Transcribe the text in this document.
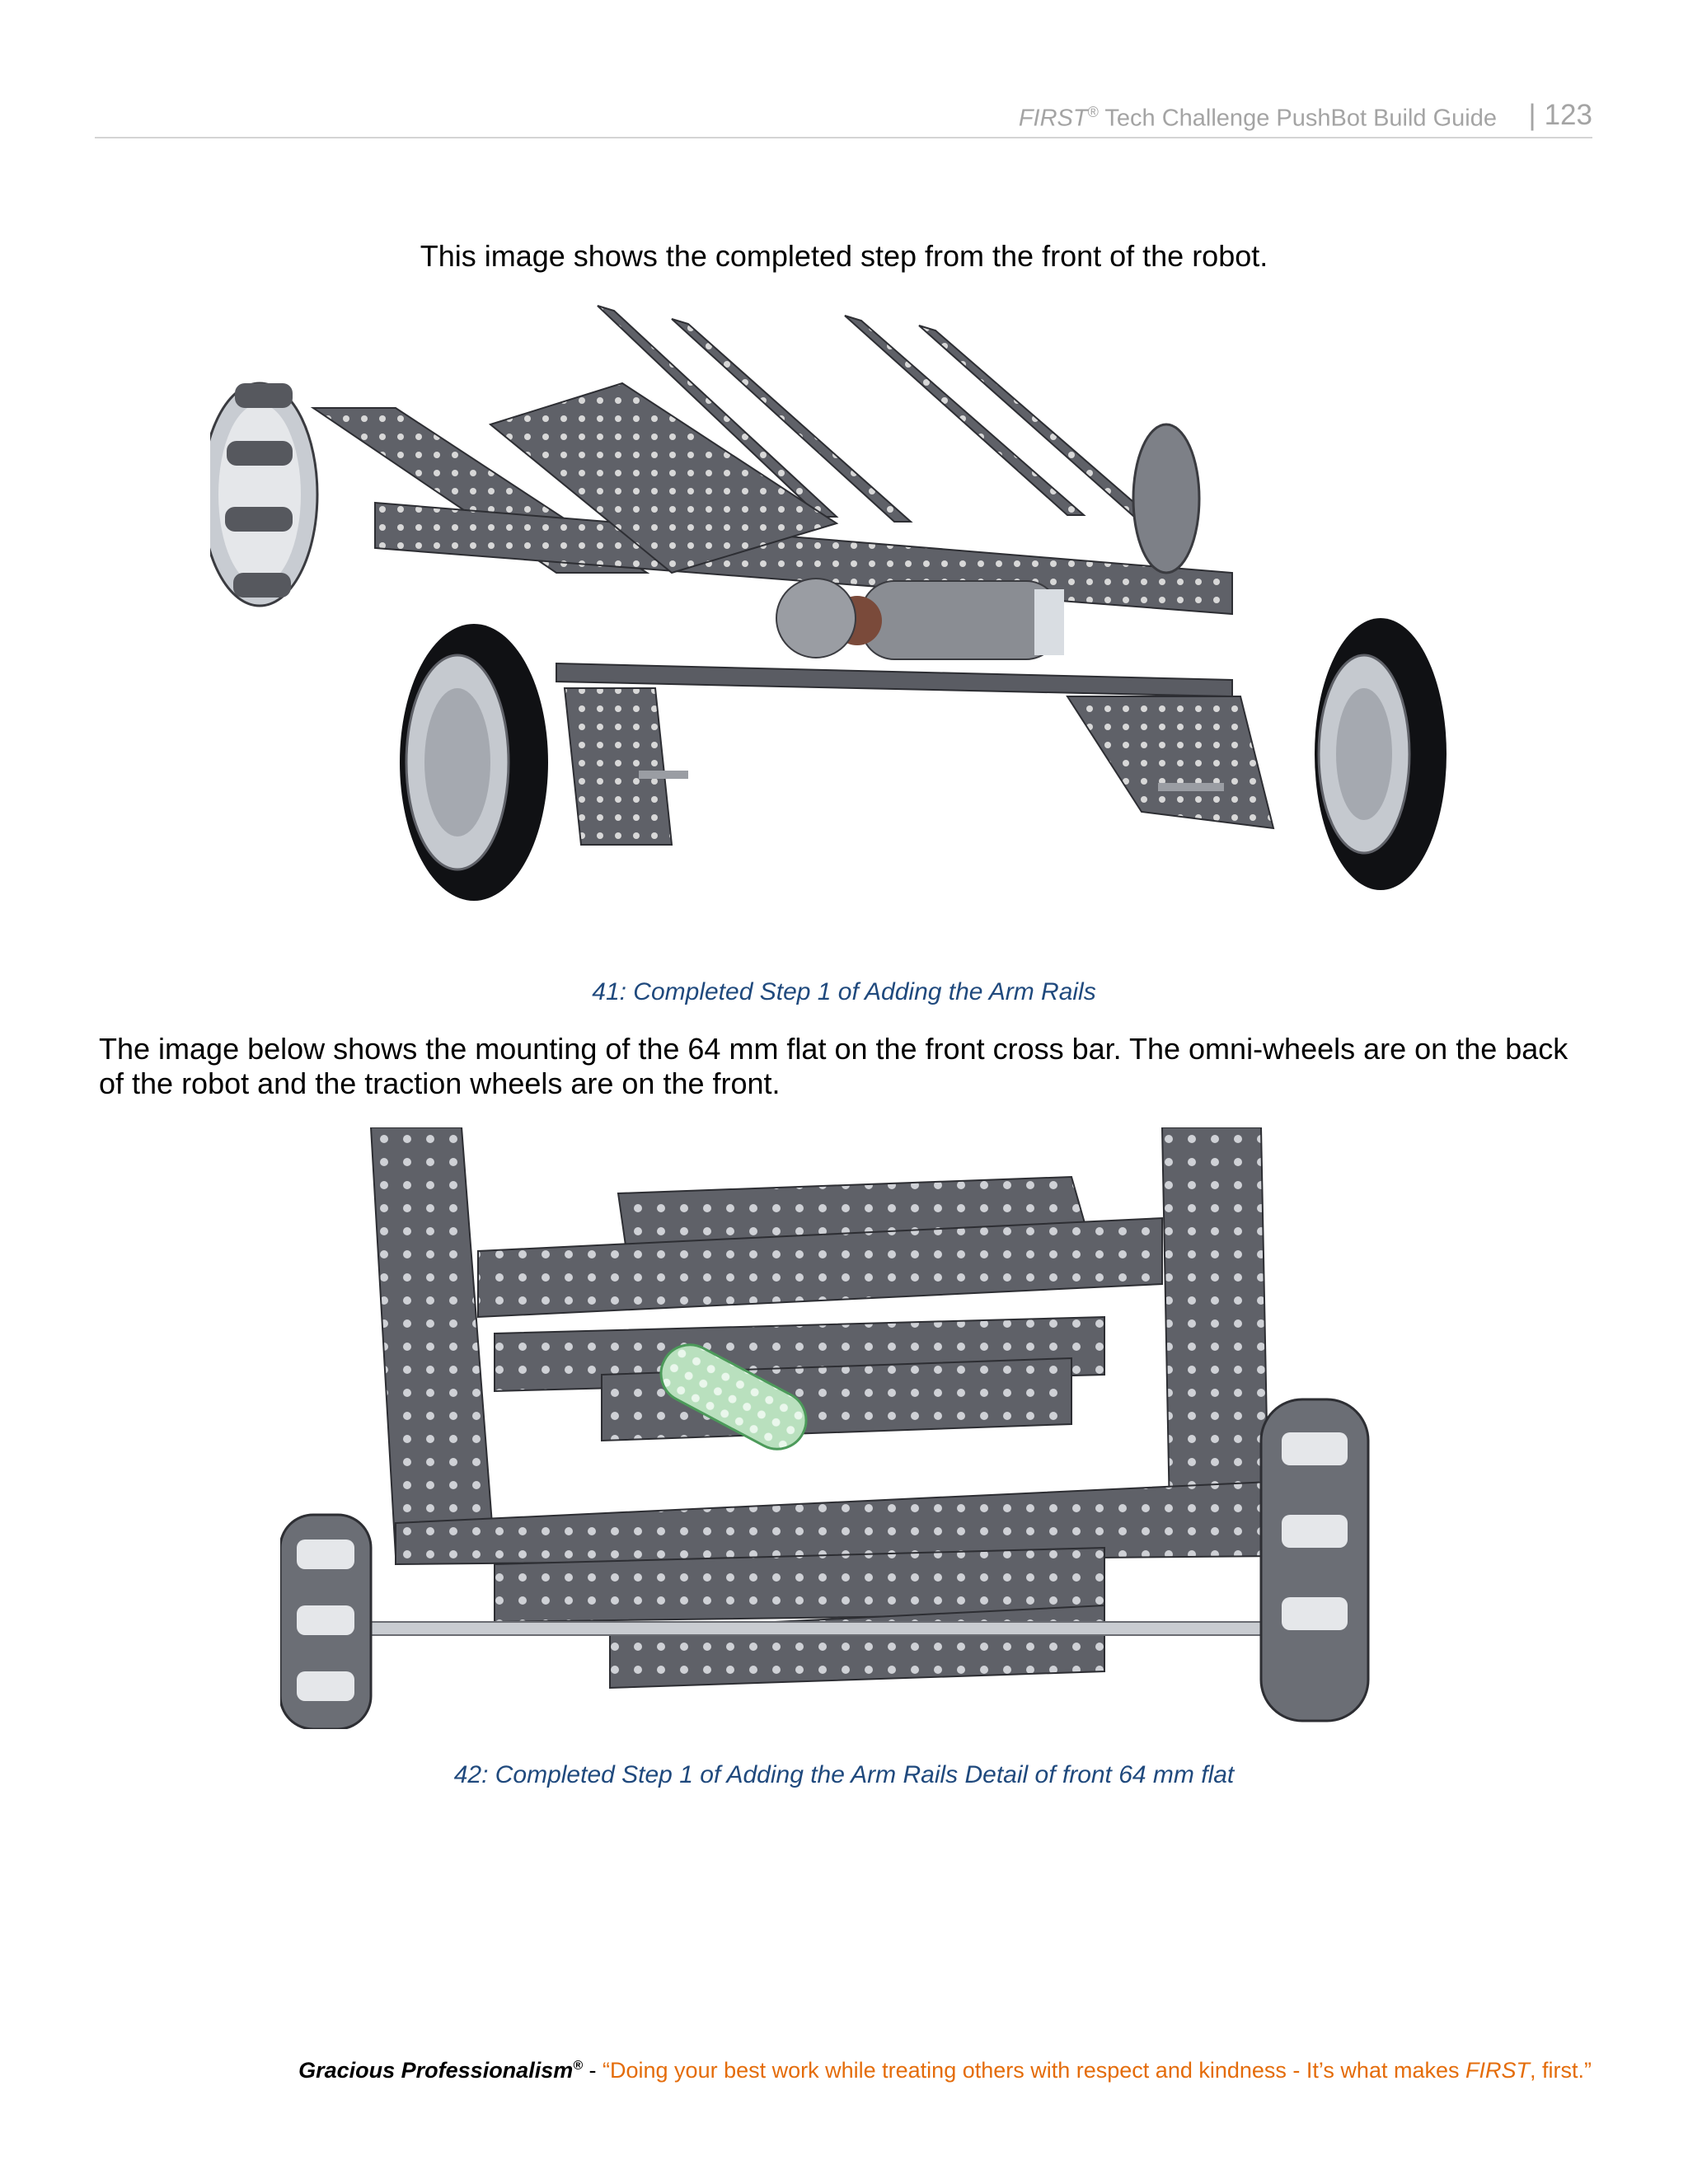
FIRST® Tech Challenge PushBot Build Guide | 123

This image shows the completed step from the front of the robot.

41: Completed Step 1 of Adding the Arm Rails

The image below shows the mounting of the 64 mm flat on the front cross bar. The omni-wheels are on the back of the robot and the traction wheels are on the front.

42: Completed Step 1 of Adding the Arm Rails Detail of front 64 mm flat
Gracious Professionalism® - “Doing your best work while treating others with respect and kindness - It’s what makes FIRST, first.”
